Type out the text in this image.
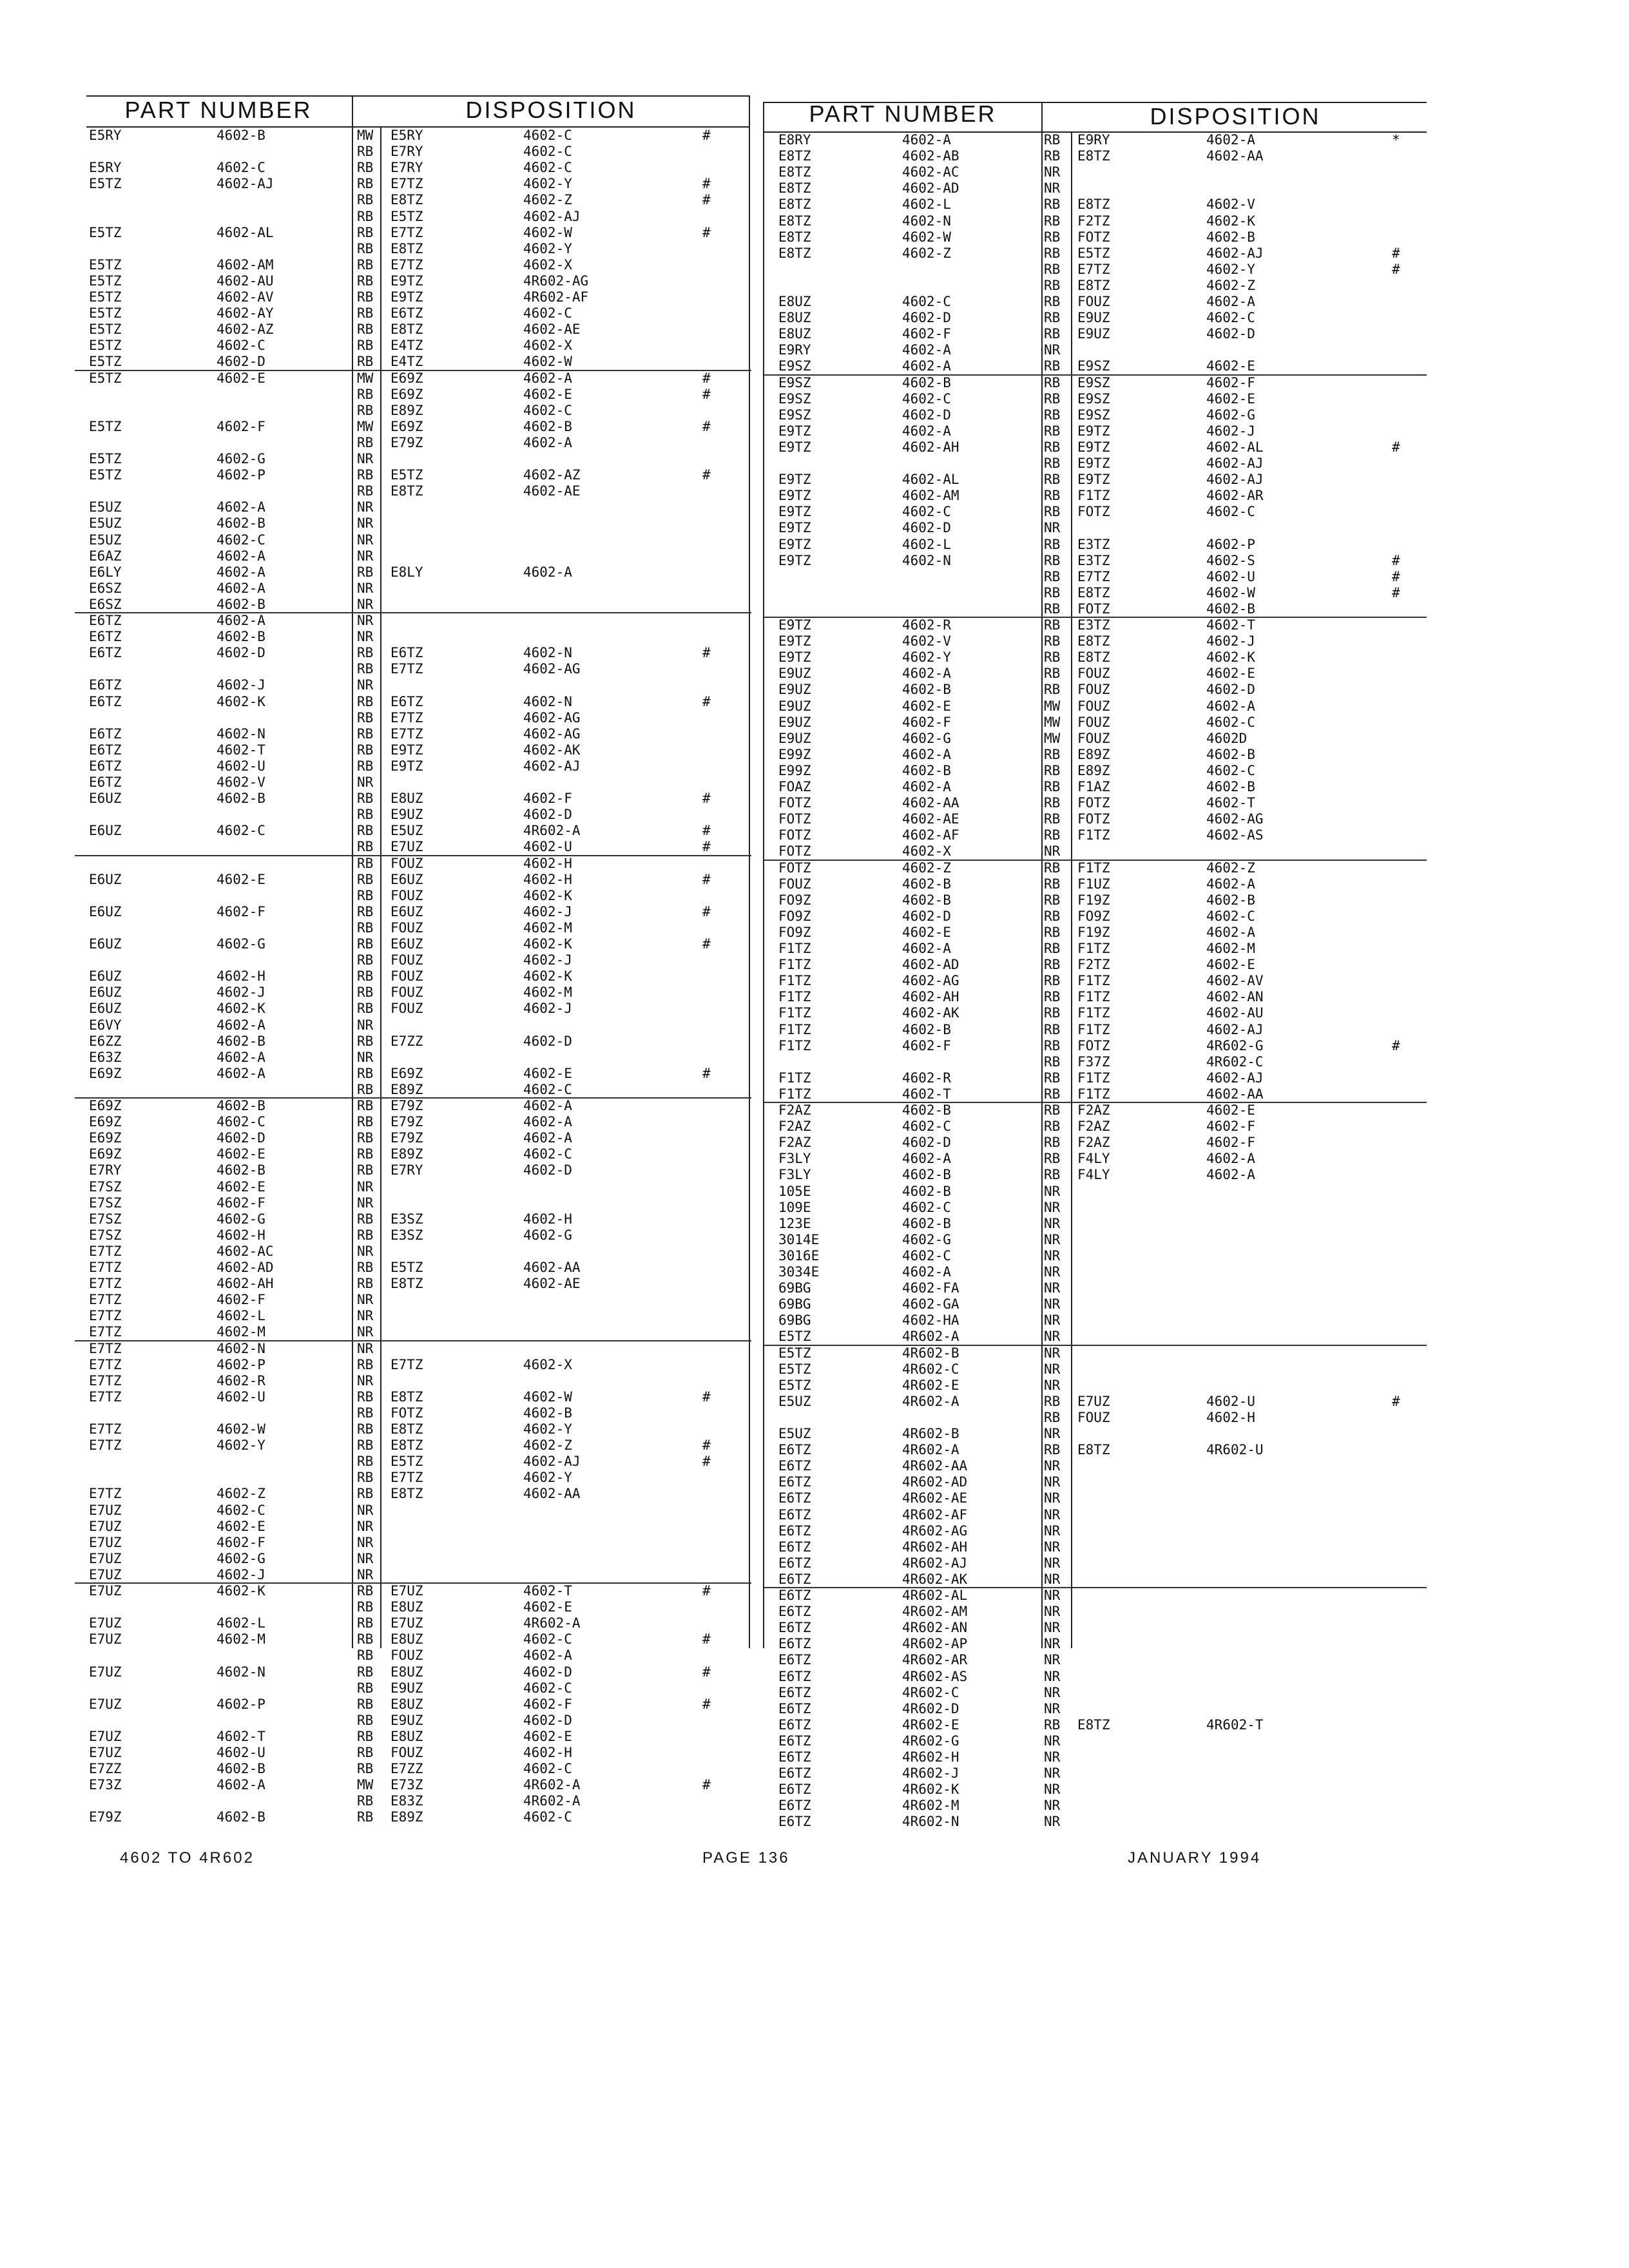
PART NUMBER	DISPOSITION
E5RY	4602-B	MW E5RY	4602-C	#
RB E7RY	4602-C
E5RY	4602-C	RB E7RY	4602-C
E5TZ	4602-AJ	RB E7TZ	4602-Y	#
RB E8TZ	4602-Z	#
RB E5TZ	4602-AJ
E5TZ	4602-AL	RB E7TZ	4602-W	#
RB E8TZ	4602-Y
E5TZ	4602-AM	RB E7TZ	4602-X
E5TZ	4602-AU	RB E9TZ	4R602-AG
E5TZ	4602-AV	RB E9TZ	4R602-AF
E5TZ	4602-AY	RB E6TZ	4602-C
E5TZ	4602-AZ	RB E8TZ	4602-AE
E5TZ	4602-C	RB E4TZ	4602-X
E5TZ	4602-D	RB E4TZ	4602-W
E5TZ	4602-E	MW E69Z	4602-A	#
RB E69Z	4602-E	#
RB E89Z	4602-C
E5TZ	4602-F	MW E69Z	4602-B	#
RB E79Z	4602-A
E5TZ	4602-G	NR
E5TZ	4602-P	RB E5TZ	4602-AZ	#
RB E8TZ	4602-AE
E5UZ	4602-A	NR
E5UZ	4602-B	NR
E5UZ	4602-C	NR
E6AZ	4602-A	NR
E6LY	4602-A	RB E8LY	4602-A
E6SZ	4602-A	NR
E6SZ	4602-B	NR
E6TZ	4602-A	NR
E6TZ	4602-B	NR
E6TZ	4602-D	RB E6TZ	4602-N	#
RB E7TZ	4602-AG
E6TZ	4602-J	NR
E6TZ	4602-K	RB E6TZ	4602-N	#
RB E7TZ	4602-AG
E6TZ	4602-N	RB E7TZ	4602-AG
E6TZ	4602-T	RB E9TZ	4602-AK
E6TZ	4602-U	RB E9TZ	4602-AJ
E6TZ	4602-V	NR
E6UZ	4602-B	RB E8UZ	4602-F	#
RB E9UZ	4602-D
E6UZ	4602-C	RB E5UZ	4R602-A	#
RB E7UZ	4602-U	#
RB FOUZ	4602-H
E6UZ	4602-E	RB E6UZ	4602-H	#
RB FOUZ	4602-K
E6UZ	4602-F	RB E6UZ	4602-J	#
RB FOUZ	4602-M
E6UZ	4602-G	RB E6UZ	4602-K	#
RB FOUZ	4602-J
E6UZ	4602-H	RB FOUZ	4602-K
E6UZ	4602-J	RB FOUZ	4602-M
E6UZ	4602-K	RB FOUZ	4602-J
E6VY	4602-A	NR
E6ZZ	4602-B	RB E7ZZ	4602-D
E63Z	4602-A	NR
E69Z	4602-A	RB E69Z	4602-E	#
RB E89Z	4602-C
E69Z	4602-B	RB E79Z	4602-A
E69Z	4602-C	RB E79Z	4602-A
E69Z	4602-D	RB E79Z	4602-A
E69Z	4602-E	RB E89Z	4602-C
E7RY	4602-B	RB E7RY	4602-D
E7SZ	4602-E	NR
E7SZ	4602-F	NR
E7SZ	4602-G	RB E3SZ	4602-H
E7SZ	4602-H	RB E3SZ	4602-G
E7TZ	4602-AC	NR
E7TZ	4602-AD	RB E5TZ	4602-AA
E7TZ	4602-AH	RB E8TZ	4602-AE
E7TZ	4602-F	NR
E7TZ	4602-L	NR
E7TZ	4602-M	NR
E7TZ	4602-N	NR
E7TZ	4602-P	RB E7TZ	4602-X
E7TZ	4602-R	NR
E7TZ	4602-U	RB E8TZ	4602-W	#
RB FOTZ	4602-B
E7TZ	4602-W	RB E8TZ	4602-Y
E7TZ	4602-Y	RB E8TZ	4602-Z	#
RB E5TZ	4602-AJ	#
RB E7TZ	4602-Y
E7TZ	4602-Z	RB E8TZ	4602-AA
E7UZ	4602-C	NR
E7UZ	4602-E	NR
E7UZ	4602-F	NR
E7UZ	4602-G	NR
E7UZ	4602-J	NR
E7UZ	4602-K	RB E7UZ	4602-T	#
RB E8UZ	4602-E
E7UZ	4602-L	RB E7UZ	4R602-A
E7UZ	4602-M	RB E8UZ	4602-C	#
RB FOUZ	4602-A
E7UZ	4602-N	RB E8UZ	4602-D	#
RB E9UZ	4602-C
E7UZ	4602-P	RB E8UZ	4602-F	#
RB E9UZ	4602-D
E7UZ	4602-T	RB E8UZ	4602-E
E7UZ	4602-U	RB FOUZ	4602-H
E7ZZ	4602-B	RB E7ZZ	4602-C
E73Z	4602-A	MW E73Z	4R602-A	#
RB E83Z	4R602-A
E79Z	4602-B	RB E89Z	4602-C
PART NUMBER	DISPOSITION
E8RY	4602-A	RB E9RY	4602-A	*
E8TZ	4602-AB	RB E8TZ	4602-AA
E8TZ	4602-AC	NR
E8TZ	4602-AD	NR
E8TZ	4602-L	RB E8TZ	4602-V
E8TZ	4602-N	RB F2TZ	4602-K
E8TZ	4602-W	RB FOTZ	4602-B
E8TZ	4602-Z	RB E5TZ	4602-AJ	#
RB E7TZ	4602-Y	#
RB E8TZ	4602-Z
E8UZ	4602-C	RB FOUZ	4602-A
E8UZ	4602-D	RB E9UZ	4602-C
E8UZ	4602-F	RB E9UZ	4602-D
E9RY	4602-A	NR
E9SZ	4602-A	RB E9SZ	4602-E
E9SZ	4602-B	RB E9SZ	4602-F
E9SZ	4602-C	RB E9SZ	4602-E
E9SZ	4602-D	RB E9SZ	4602-G
E9TZ	4602-A	RB E9TZ	4602-J
E9TZ	4602-AH	RB E9TZ	4602-AL	#
RB E9TZ	4602-AJ
E9TZ	4602-AL	RB E9TZ	4602-AJ
E9TZ	4602-AM	RB F1TZ	4602-AR
E9TZ	4602-C	RB FOTZ	4602-C
E9TZ	4602-D	NR
E9TZ	4602-L	RB E3TZ	4602-P
E9TZ	4602-N	RB E3TZ	4602-S	#
RB E7TZ	4602-U	#
RB E8TZ	4602-W	#
RB FOTZ	4602-B
E9TZ	4602-R	RB E3TZ	4602-T
E9TZ	4602-V	RB E8TZ	4602-J
E9TZ	4602-Y	RB E8TZ	4602-K
E9UZ	4602-A	RB FOUZ	4602-E
E9UZ	4602-B	RB FOUZ	4602-D
E9UZ	4602-E	MW FOUZ	4602-A
E9UZ	4602-F	MW FOUZ	4602-C
E9UZ	4602-G	MW FOUZ	4602D
E99Z	4602-A	RB E89Z	4602-B
E99Z	4602-B	RB E89Z	4602-C
FOAZ	4602-A	RB F1AZ	4602-B
FOTZ	4602-AA	RB FOTZ	4602-T
FOTZ	4602-AE	RB FOTZ	4602-AG
FOTZ	4602-AF	RB F1TZ	4602-AS
FOTZ	4602-X	NR
FOTZ	4602-Z	RB F1TZ	4602-Z
FOUZ	4602-B	RB F1UZ	4602-A
FO9Z	4602-B	RB F19Z	4602-B
FO9Z	4602-D	RB FO9Z	4602-C
FO9Z	4602-E	RB F19Z	4602-A
F1TZ	4602-A	RB F1TZ	4602-M
F1TZ	4602-AD	RB F2TZ	4602-E
F1TZ	4602-AG	RB F1TZ	4602-AV
F1TZ	4602-AH	RB F1TZ	4602-AN
F1TZ	4602-AK	RB F1TZ	4602-AU
F1TZ	4602-B	RB F1TZ	4602-AJ
F1TZ	4602-F	RB FOTZ	4R602-G	#
RB F37Z	4R602-C
F1TZ	4602-R	RB F1TZ	4602-AJ
F1TZ	4602-T	RB F1TZ	4602-AA
F2AZ	4602-B	RB F2AZ	4602-E
F2AZ	4602-C	RB F2AZ	4602-F
F2AZ	4602-D	RB F2AZ	4602-F
F3LY	4602-A	RB F4LY	4602-A
F3LY	4602-B	RB F4LY	4602-A
105E	4602-B	NR
109E	4602-C	NR
123E	4602-B	NR
3014E	4602-G	NR
3016E	4602-C	NR
3034E	4602-A	NR
69BG	4602-FA	NR
69BG	4602-GA	NR
69BG	4602-HA	NR
E5TZ	4R602-A	NR
E5TZ	4R602-B	NR
E5TZ	4R602-C	NR
E5TZ	4R602-E	NR
E5UZ	4R602-A	RB E7UZ	4602-U	#
RB FOUZ	4602-H
E5UZ	4R602-B	NR
E6TZ	4R602-A	RB E8TZ	4R602-U
E6TZ	4R602-AA	NR
E6TZ	4R602-AD	NR
E6TZ	4R602-AE	NR
E6TZ	4R602-AF	NR
E6TZ	4R602-AG	NR
E6TZ	4R602-AH	NR
E6TZ	4R602-AJ	NR
E6TZ	4R602-AK	NR
E6TZ	4R602-AL	NR
E6TZ	4R602-AM	NR
E6TZ	4R602-AN	NR
E6TZ	4R602-AP	NR
E6TZ	4R602-AR	NR
E6TZ	4R602-AS	NR
E6TZ	4R602-C	NR
E6TZ	4R602-D	NR
E6TZ	4R602-E	RB E8TZ	4R602-T
E6TZ	4R602-G	NR
E6TZ	4R602-H	NR
E6TZ	4R602-J	NR
E6TZ	4R602-K	NR
E6TZ	4R602-M	NR
E6TZ	4R602-N	NR
4602 TO 4R602	PAGE 136	JANUARY 1994
